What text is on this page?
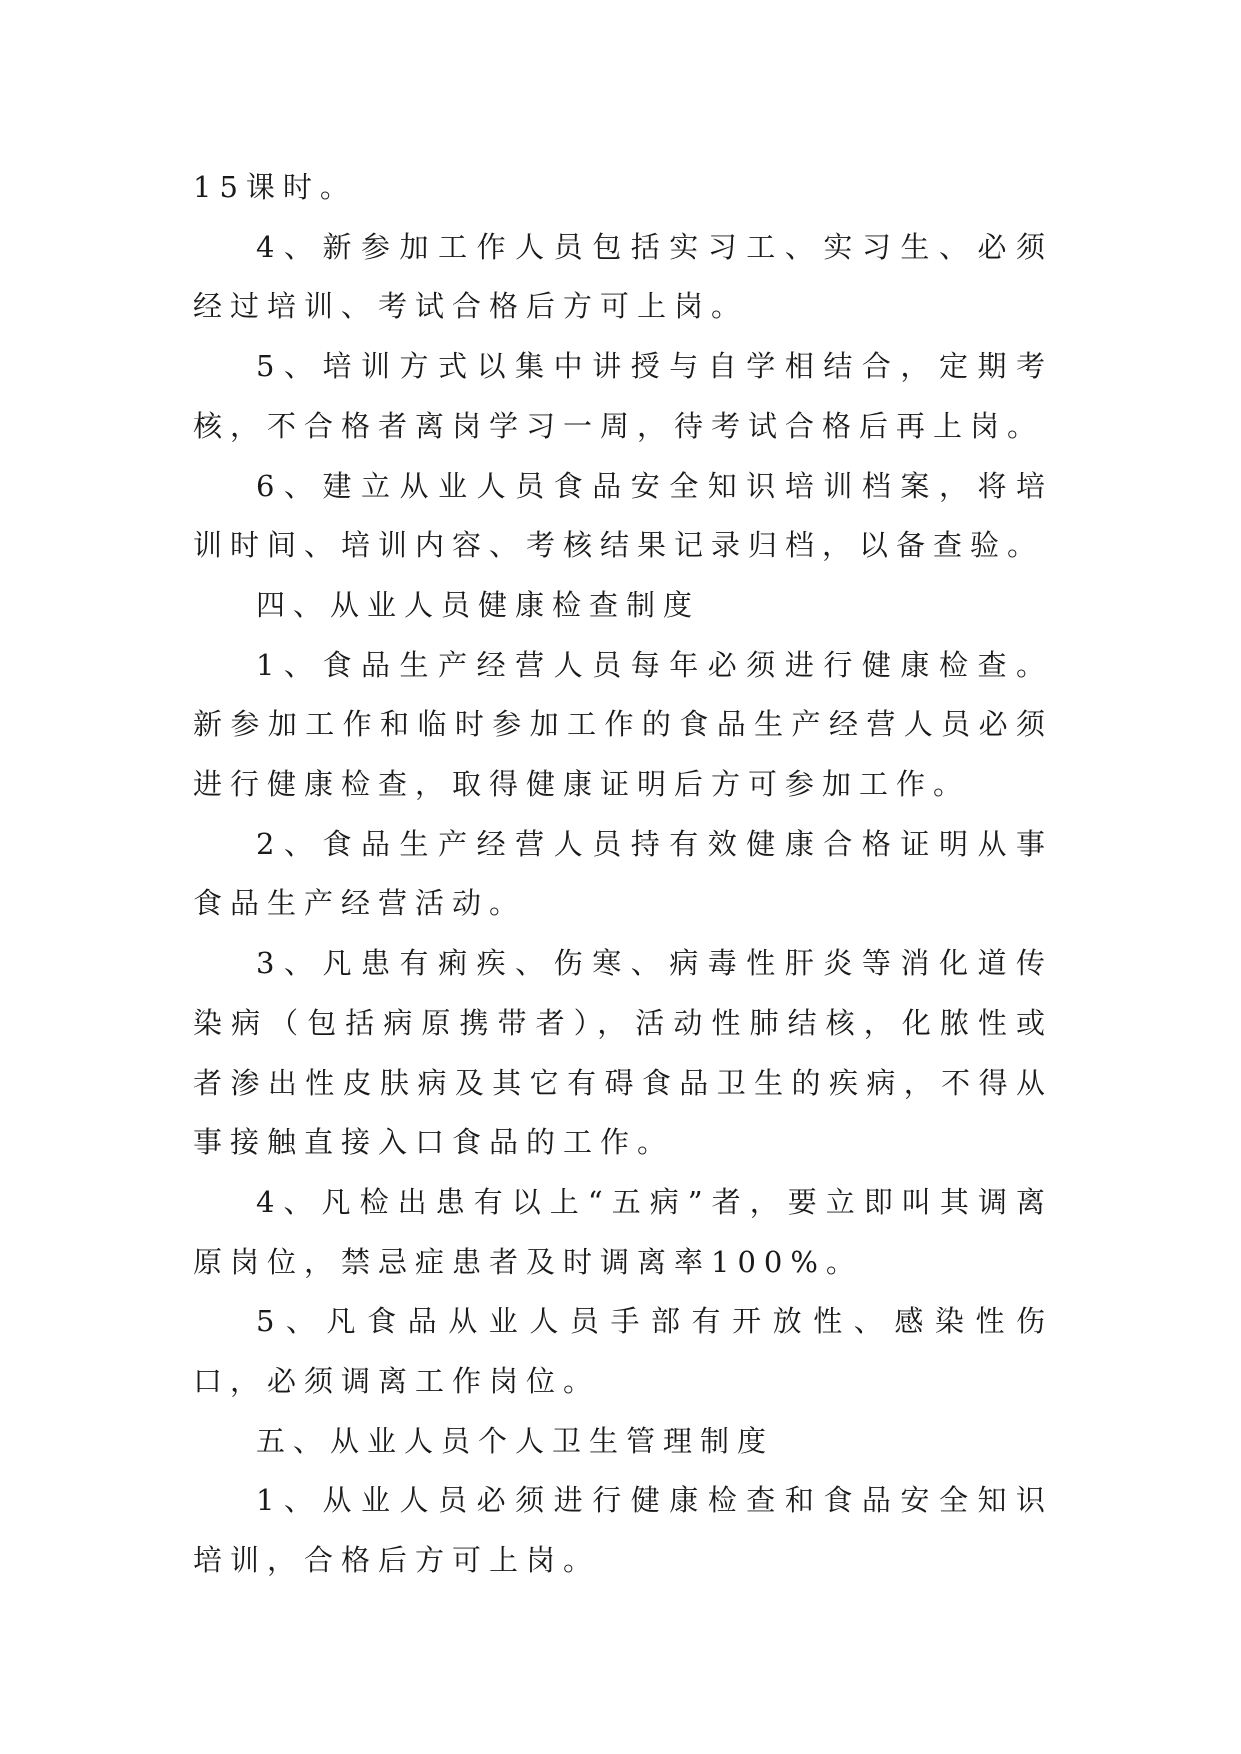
15课时。

4、新参加工作人员包括实习工、实习生、必须经过培训、考试合格后方可上岗。

5、培训方式以集中讲授与自学相结合，定期考核，不合格者离岗学习一周，待考试合格后再上岗。

6、建立从业人员食品安全知识培训档案，将培训时间、培训内容、考核结果记录归档，以备查验。

四、从业人员健康检查制度

1、食品生产经营人员每年必须进行健康检查。新参加工作和临时参加工作的食品生产经营人员必须进行健康检查，取得健康证明后方可参加工作。

2、食品生产经营人员持有效健康合格证明从事食品生产经营活动。

3、凡患有痢疾、伤寒、病毒性肝炎等消化道传染病（包括病原携带者），活动性肺结核，化脓性或者渗出性皮肤病及其它有碍食品卫生的疾病，不得从事接触直接入口食品的工作。

4、凡检出患有以上“五病”者，要立即叫其调离原岗位，禁忌症患者及时调离率100%。

5、凡食品从业人员手部有开放性、感染性伤口，必须调离工作岗位。

五、从业人员个人卫生管理制度

1、从业人员必须进行健康检查和食品安全知识培训，合格后方可上岗。
